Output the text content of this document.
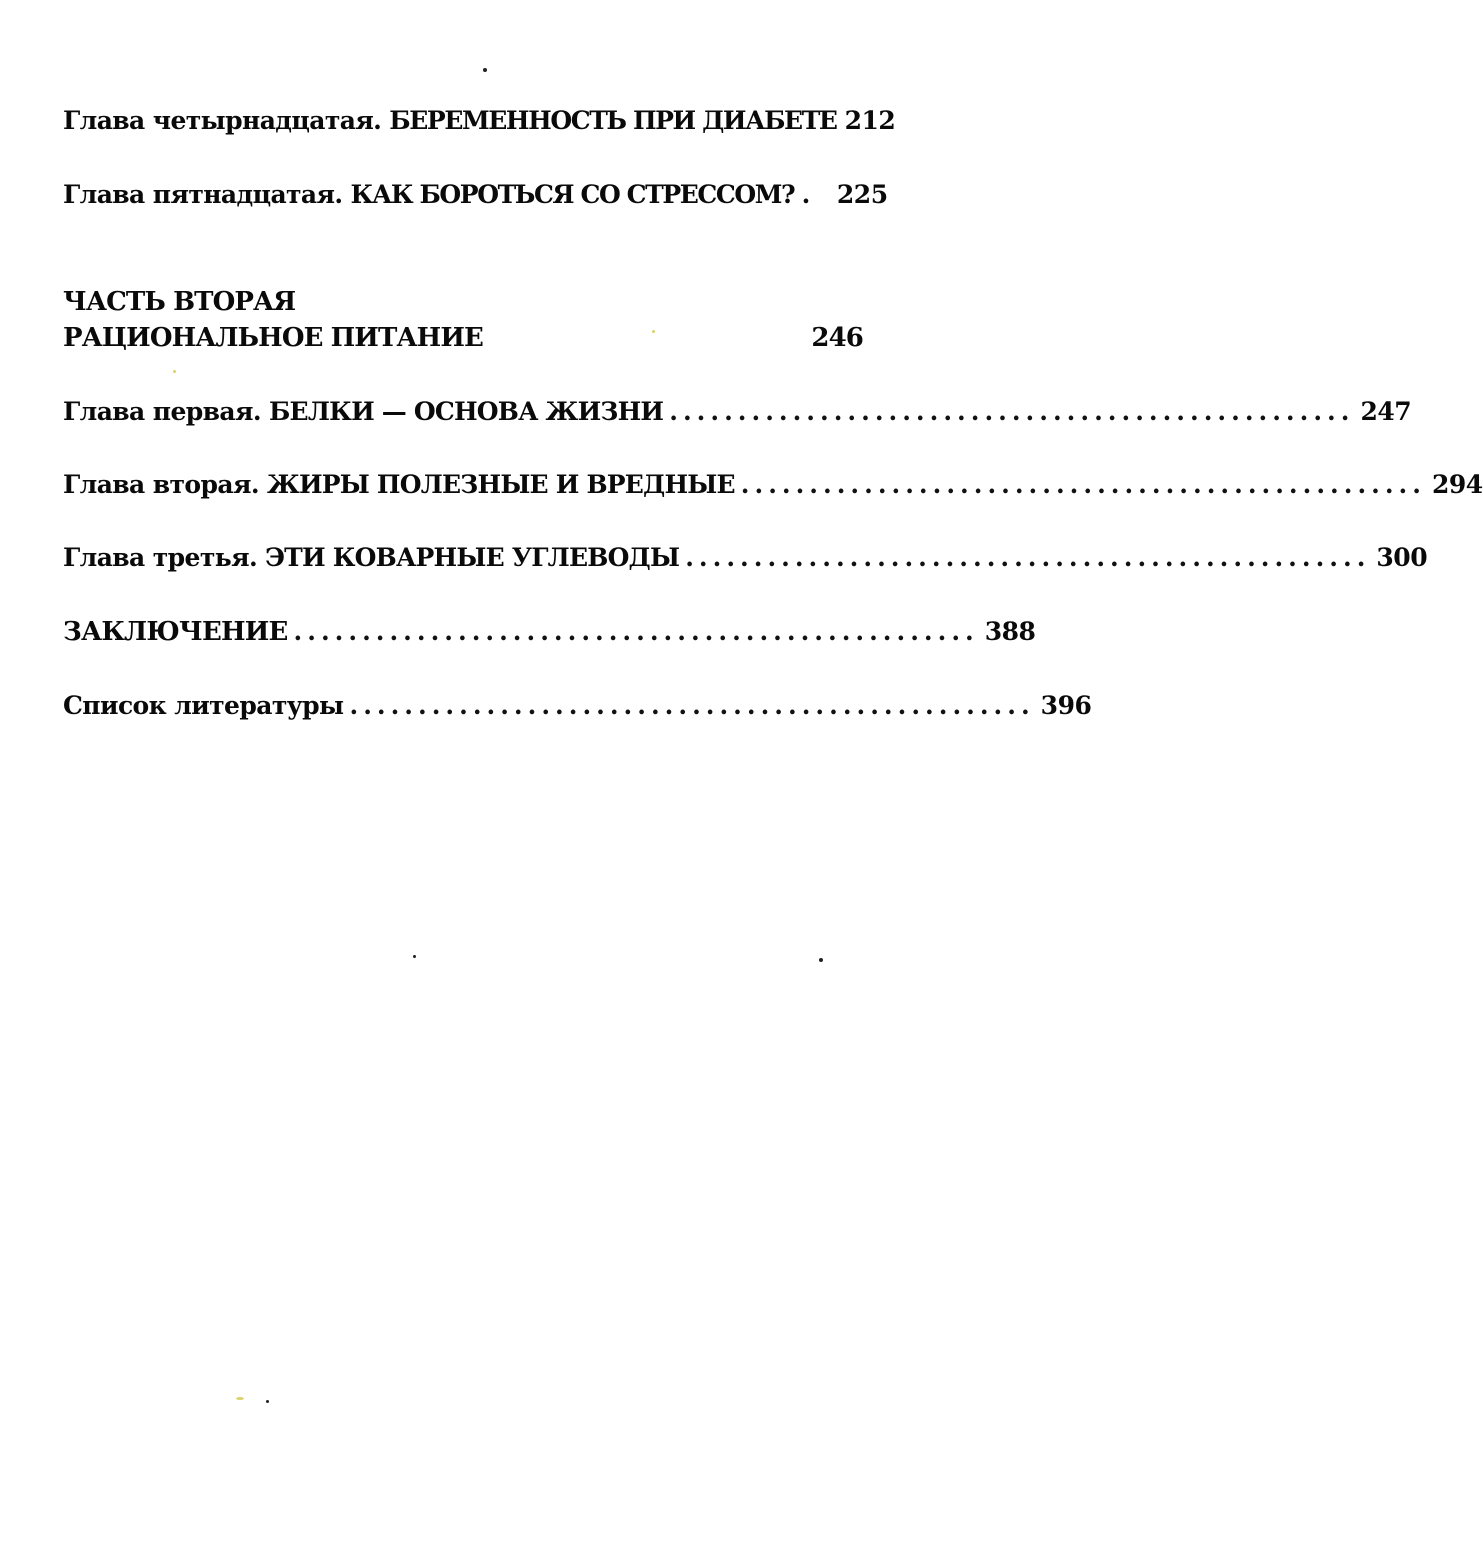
Глава четырнадцатая. БЕРЕМЕННОСТЬ ПРИ ДИАБЕТЕ 212
Глава пятнадцатая. КАК БОРОТЬСЯ СО СТРЕССОМ? . 225
ЧАСТЬ ВТОРАЯ
РАЦИОНАЛЬНОЕ ПИТАНИЕ	246
Глава первая. БЕЛКИ — ОСНОВА ЖИЗНИ .................................................. 247
Глава вторая. ЖИРЫ ПОЛЕЗНЫЕ И ВРЕДНЫЕ .................................................. 294
Глава третья. ЭТИ КОВАРНЫЕ УГЛЕВОДЫ .................................................. 300
ЗАКЛЮЧЕНИЕ .................................................. 388
Список литературы .................................................. 396
